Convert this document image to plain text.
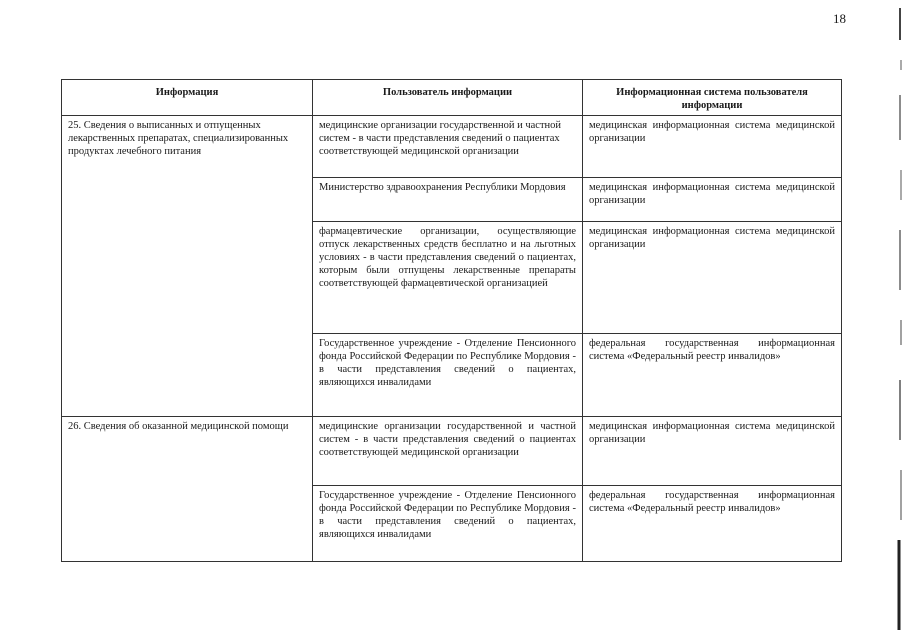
18
Информация	Пользователь информации	Информационная система пользователя информации
25. Сведения о выписанных и отпущенных лекарственных препаратах, специализированных продуктах лечебного питания	медицинские организации государственной и частной систем - в части представления сведений о пациентах соответствующей медицинской организации	медицинская информационная система медицинской организации
	Министерство здравоохранения Республики Мордовия	медицинская информационная система медицинской организации
	фармацевтические организации, осуществляющие отпуск лекарственных средств бесплатно и на льготных условиях - в части представления сведений о пациентах, которым были отпущены лекарственные препараты соответствующей фармацевтической организацией	медицинская информационная система медицинской организации
	Государственное учреждение - Отделение Пенсионного фонда Российской Федерации по Республике Мордовия - в части представления сведений о пациентах, являющихся инвалидами	федеральная государственная информационная система «Федеральный реестр инвалидов»
26. Сведения об оказанной медицинской помощи	медицинские организации государственной и частной систем - в части представления сведений о пациентах соответствующей медицинской организации	медицинская информационная система медицинской организации
	Государственное учреждение - Отделение Пенсионного фонда Российской Федерации по Республике Мордовия - в части представления сведений о пациентах, являющихся инвалидами	федеральная государственная информационная система «Федеральный реестр инвалидов»
